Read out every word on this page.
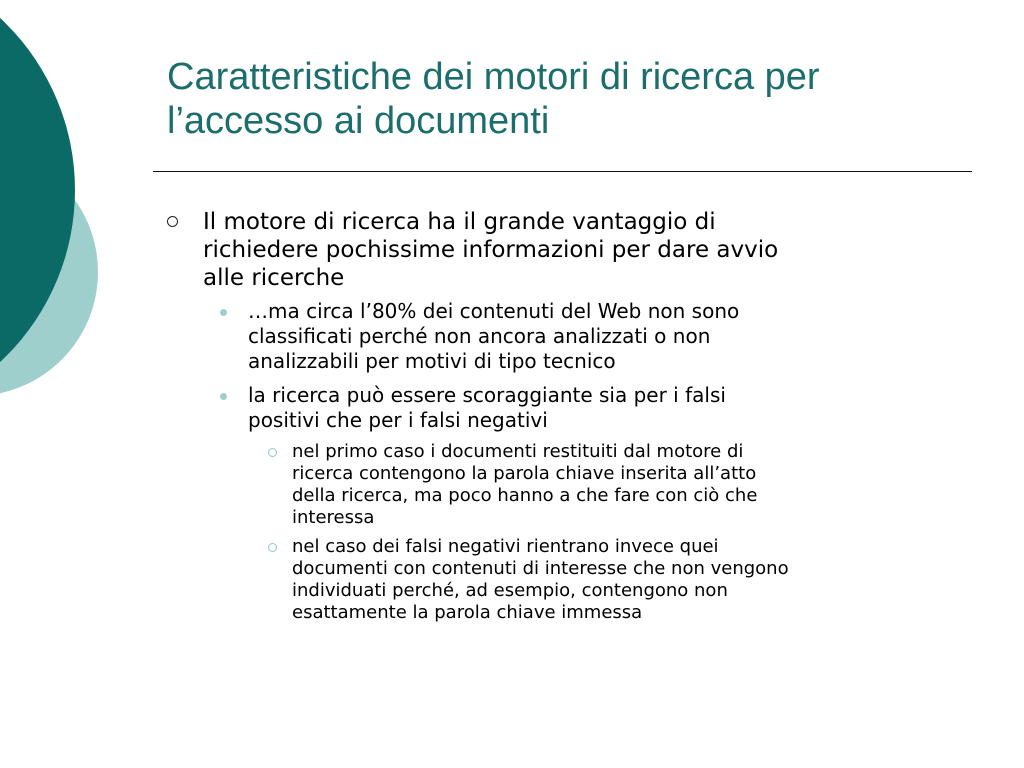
Caratteristiche dei motori di ricerca per
l’accesso ai documenti
Il motore di ricerca ha il grande vantaggio di
richiedere pochissime informazioni per dare avvio
alle ricerche
…ma circa l’80% dei contenuti del Web non sono
classificati perché non ancora analizzati o non
analizzabili per motivi di tipo tecnico
la ricerca può essere scoraggiante sia per i falsi
positivi che per i falsi negativi
nel primo caso i documenti restituiti dal motore di
ricerca contengono la parola chiave inserita all’atto
della ricerca, ma poco hanno a che fare con ciò che
interessa
nel caso dei falsi negativi rientrano invece quei
documenti con contenuti di interesse che non vengono
individuati perché, ad esempio, contengono non
esattamente la parola chiave immessa
